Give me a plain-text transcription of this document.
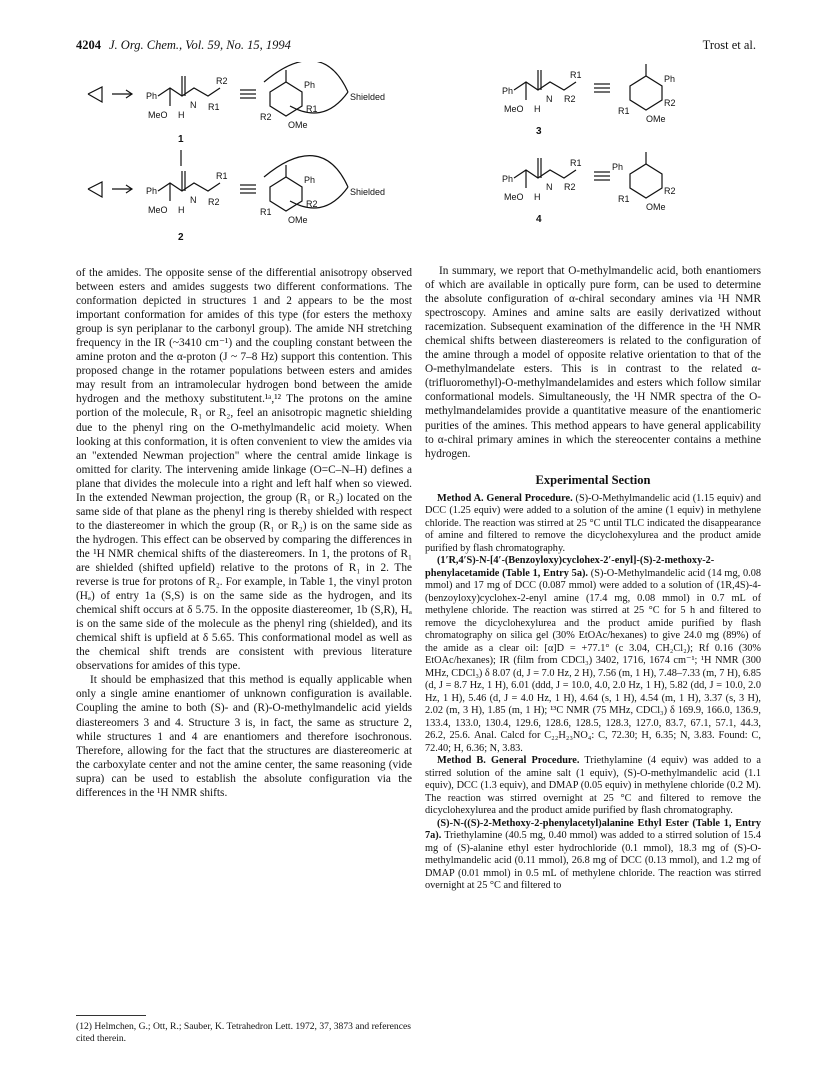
4204 J. Org. Chem., Vol. 59, No. 15, 1994	Trost et al.
Ph
MeO H
N R1
R2	Ph
R2
R1
OMe
Shielded
1
Ph
MeO H
N R2
R1	Ph
R1
R2
OMe
Shielded
2
Ph
MeO H
N R2
R1	Ph
R1
R2
OMe
3
Ph
MeO H
N R2
R1	Ph
R1
R2
OMe
4

of the amides. The opposite sense of the differential anisotropy observed between esters and amides suggests two different conformations. The conformation depicted in structures 1 and 2 appears to be the most important conformation for amides of this type (for esters the methoxy group is syn periplanar to the carbonyl group). The amide NH stretching frequency in the IR (~3410 cm⁻¹) and the coupling constant between the amine proton and the α-proton (J ~ 7–8 Hz) support this contention. This proposed change in the rotamer populations between esters and amides may result from an intramolecular hydrogen bond between the amide hydrogen and the methoxy substitutent.¹ᵃ,¹² The protons on the amine portion of the molecule, R₁ or R₂, feel an anisotropic magnetic shielding due to the phenyl ring on the O-methylmandelic acid moiety. When looking at this conformation, it is often convenient to view the amides via an "extended Newman projection" where the central amide linkage is omitted for clarity. The intervening amide linkage (O=C–N–H) defines a plane that divides the molecule into a right and left half when so viewed. In the extended Newman projection, the group (R₁ or R₂) located on the same side of that plane as the phenyl ring is thereby shielded with respect to the diastereomer in which the group (R₁ or R₂) is on the same side as the hydrogen. This effect can be observed by comparing the differences in the ¹H NMR chemical shifts of the diastereomers. In 1, the protons of R₁ are shielded (shifted upfield) relative to the protons of R₁ in 2. The reverse is true for protons of R₂. For example, in Table 1, the vinyl proton (Hₐ) of entry 1a (S,S) is on the same side as the hydrogen, and its chemical shift occurs at δ 5.75. In the opposite diastereomer, 1b (S,R), Hₐ is on the same side of the molecule as the phenyl ring (shielded), and its chemical shift is upfield at δ 5.65. This conformational model as well as the chemical shift trends are consistent with previous literature observations for amides of this type.

It should be emphasized that this method is equally applicable when only a single amine enantiomer of unknown configuration is available. Coupling the amine to both (S)- and (R)-O-methylmandelic acid yields diastereomers 3 and 4. Structure 3 is, in fact, the same as structure 2, while structures 1 and 4 are enantiomers and therefore isochronous. Therefore, allowing for the fact that the structures are diastereomeric at the carboxylate center and not the amine center, the same reasoning (vide supra) can be used to establish the absolute configuration via the differences in the ¹H NMR shifts.

(12) Helmchen, G.; Ott, R.; Sauber, K. Tetrahedron Lett. 1972, 37, 3873 and references cited therein.

In summary, we report that O-methylmandelic acid, both enantiomers of which are available in optically pure form, can be used to determine the absolute configuration of α-chiral secondary amines via ¹H NMR spectroscopy. Amines and amine salts are easily derivatized without racemization. Subsequent examination of the difference in the ¹H NMR chemical shifts between diastereomers is related to the configuration of the amine through a model of opposite relative orientation to that of the O-methylmandelate esters. This is in contrast to the related α-(trifluoromethyl)-O-methylmandelamides and esters which follow similar conformational models. Simultaneously, the ¹H NMR spectra of the O-methylmandelamides provide a quantitative measure of the enantiomeric purities of the amines. This method appears to have general applicability to α-chiral primary amines in which the stereocenter contains a methine hydrogen.

Experimental Section

Method A. General Procedure. (S)-O-Methylmandelic acid (1.15 equiv) and DCC (1.25 equiv) were added to a solution of the amine (1 equiv) in methylene chloride. The reaction was stirred at 25 °C until TLC indicated the disappearance of amine and filtered to remove the dicyclohexylurea and the product amide purified by flash chromatography.

(1′R,4′S)-N-[4′-(Benzoyloxy)cyclohex-2′-enyl]-(S)-2-methoxy-2-phenylacetamide (Table 1, Entry 5a). (S)-O-Methylmandelic acid (14 mg, 0.08 mmol) and 17 mg of DCC (0.087 mmol) were added to a solution of (1R,4S)-4-(benzoyloxy)cyclohex-2-enyl amine (17.4 mg, 0.08 mmol) in 0.7 mL of methylene chloride. The reaction was stirred at 25 °C for 5 h and filtered to remove the dicyclohexylurea and the product amide purified by flash chromatography on silica gel (30% EtOAc/hexanes) to give 24.0 mg (89%) of the amide as a clear oil: [α]D = +77.1° (c 3.04, CH₂Cl₂); Rf 0.16 (30% EtOAc/hexanes); IR (film from CDCl₃) 3402, 1716, 1674 cm⁻¹; ¹H NMR (300 MHz, CDCl₃) δ 8.07 (d, J = 7.0 Hz, 2 H), 7.56 (m, 1 H), 7.48–7.33 (m, 7 H), 6.85 (d, J = 8.7 Hz, 1 H), 6.01 (ddd, J = 10.0, 4.0, 2.0 Hz, 1 H), 5.82 (dd, J = 10.0, 2.0 Hz, 1 H), 5.46 (d, J = 4.0 Hz, 1 H), 4.64 (s, 1 H), 4.54 (m, 1 H), 3.37 (s, 3 H), 2.02 (m, 3 H), 1.85 (m, 1 H); ¹³C NMR (75 MHz, CDCl₃) δ 169.9, 166.0, 136.9, 133.4, 133.0, 130.4, 129.6, 128.6, 128.5, 128.3, 127.0, 83.7, 67.1, 57.1, 44.3, 26.2, 25.6. Anal. Calcd for C₂₂H₂₃NO₄: C, 72.30; H, 6.35; N, 3.83. Found: C, 72.40; H, 6.36; N, 3.83.

Method B. General Procedure. Triethylamine (4 equiv) was added to a stirred solution of the amine salt (1 equiv), (S)-O-methylmandelic acid (1.1 equiv), DCC (1.3 equiv), and DMAP (0.05 equiv) in methylene chloride (0.2 M). The reaction was stirred overnight at 25 °C and filtered to remove the dicyclohexylurea and the product amide purified by flash chromatography.

(S)-N-((S)-2-Methoxy-2-phenylacetyl)alanine Ethyl Ester (Table 1, Entry 7a). Triethylamine (40.5 mg, 0.40 mmol) was added to a stirred solution of 15.4 mg of (S)-alanine ethyl ester hydrochloride (0.1 mmol), 18.3 mg of (S)-O-methylmandelic acid (0.11 mmol), 26.8 mg of DCC (0.13 mmol), and 1.2 mg of DMAP (0.01 mmol) in 0.5 mL of methylene chloride. The reaction was stirred overnight at 25 °C and filtered to
